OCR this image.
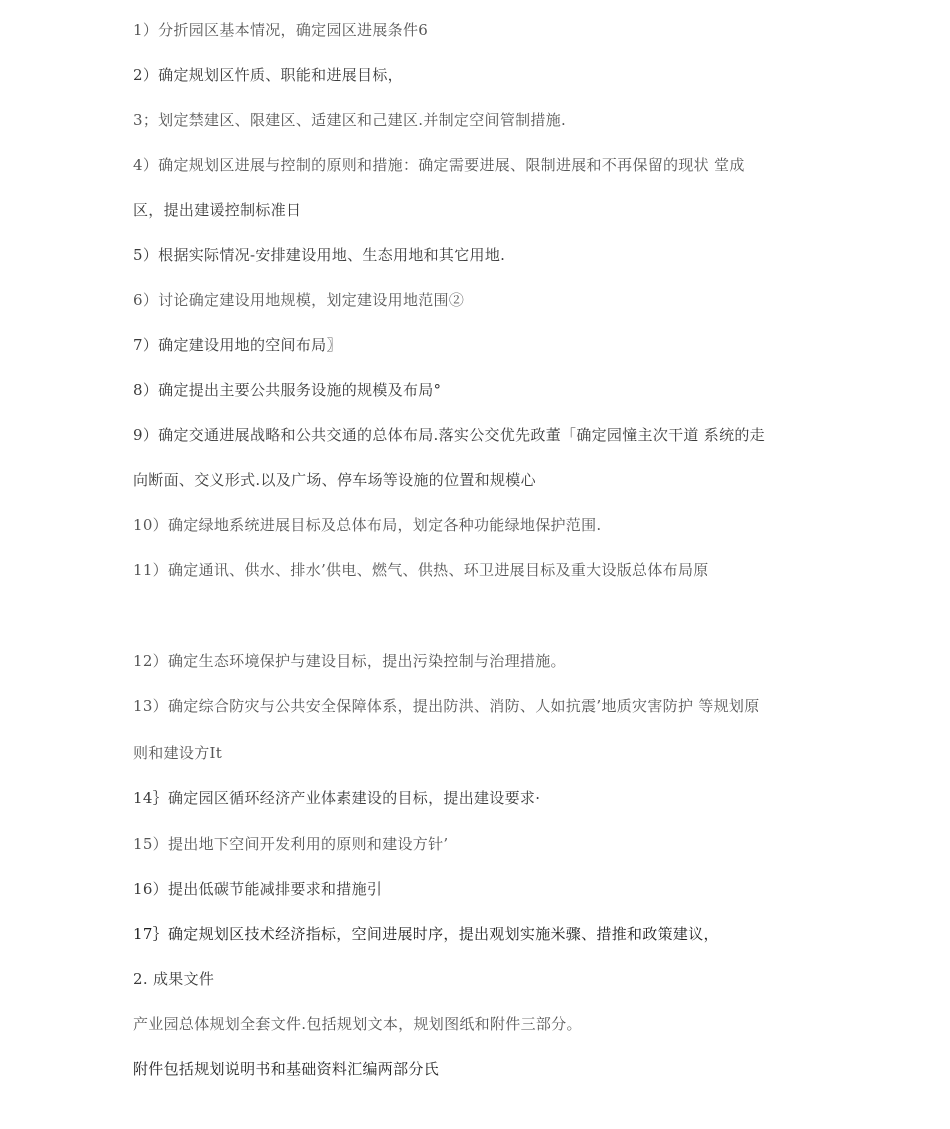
1）分折园区基本情况，确定园区进展条件6
2）确定规划区忤质、职能和进展目标，
3；划定禁建区、限建区、适建区和己建区.并制定空间管制措施.
4）确定规划区进展与控制的原则和措施：确定需要进展、限制进展和不再保留的现状 堂成
区，提出建谖控制标准日
5）根据实际情况-安排建设用地、生态用地和其它用地.
6）讨论确定建设用地规模，划定建设用地范围②
7）确定建设用地的空间布局〗
8）确定提出主要公共服务设施的规模及布局°
9）确定交通进展战略和公共交通的总体布局.落实公交优先政董「确定园憧主次干道 系统的走
向断面、交义形式.以及广场、停车场等设施的位置和规模心
10）确定绿地系统进展目标及总体布局，划定各种功能绿地保护范围.
11）确定通讯、供水、排水’供电、燃气、供热、环卫进展目标及重大设版总体布局原
12）确定生态环境保护与建设目标，提出污染控制与治理措施。
13）确定综合防灾与公共安全保障体系，提出防洪、消防、人如抗震’地质灾害防护 等规划原
则和建设方It
14｝确定园区循环经济产业体素建设的目标，提出建设要求·
15）提出地下空间开发利用的原则和建设方针’
16）提出低碳节能减排要求和措施引
17｝确定规划区技术经济指标，空间进展时序，提出观划实施米骤、措推和政策建议，
2. 成果文件
产业园总体规划全套文件.包括规划文本，规划图纸和附件三部分。
附件包括规划说明书和基础资料汇编两部分氏
